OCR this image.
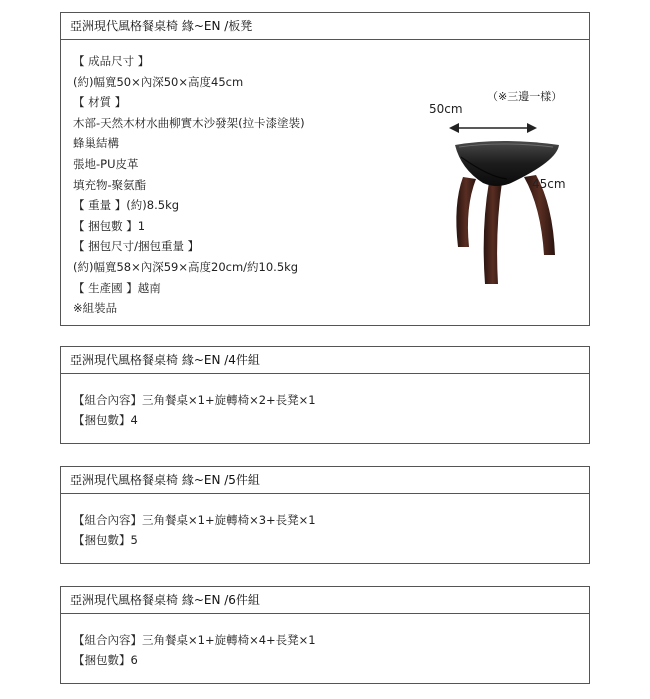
亞洲現代風格餐桌椅 緣~EN /板凳
【 成品尺寸 】
(約)幅寬50×內深50×高度45cm
【 材質 】
木部-天然木材水曲柳實木沙發架(拉卡漆塗裝)
蜂巢結構
張地-PU皮革
填充物-聚氨酯
【 重量 】(約)8.5kg
【 捆包數 】1
【 捆包尺寸/捆包重量 】
(約)幅寬58×內深59×高度20cm/約10.5kg
【 生產國 】越南
※組裝品
（※三邊一樣）
50cm
45cm
亞洲現代風格餐桌椅 緣~EN /4件組
【組合內容】三角餐桌×1+旋轉椅×2+長凳×1
【捆包數】4
亞洲現代風格餐桌椅 緣~EN /5件組
【組合內容】三角餐桌×1+旋轉椅×3+長凳×1
【捆包數】5
亞洲現代風格餐桌椅 緣~EN /6件組
【組合內容】三角餐桌×1+旋轉椅×4+長凳×1
【捆包數】6
